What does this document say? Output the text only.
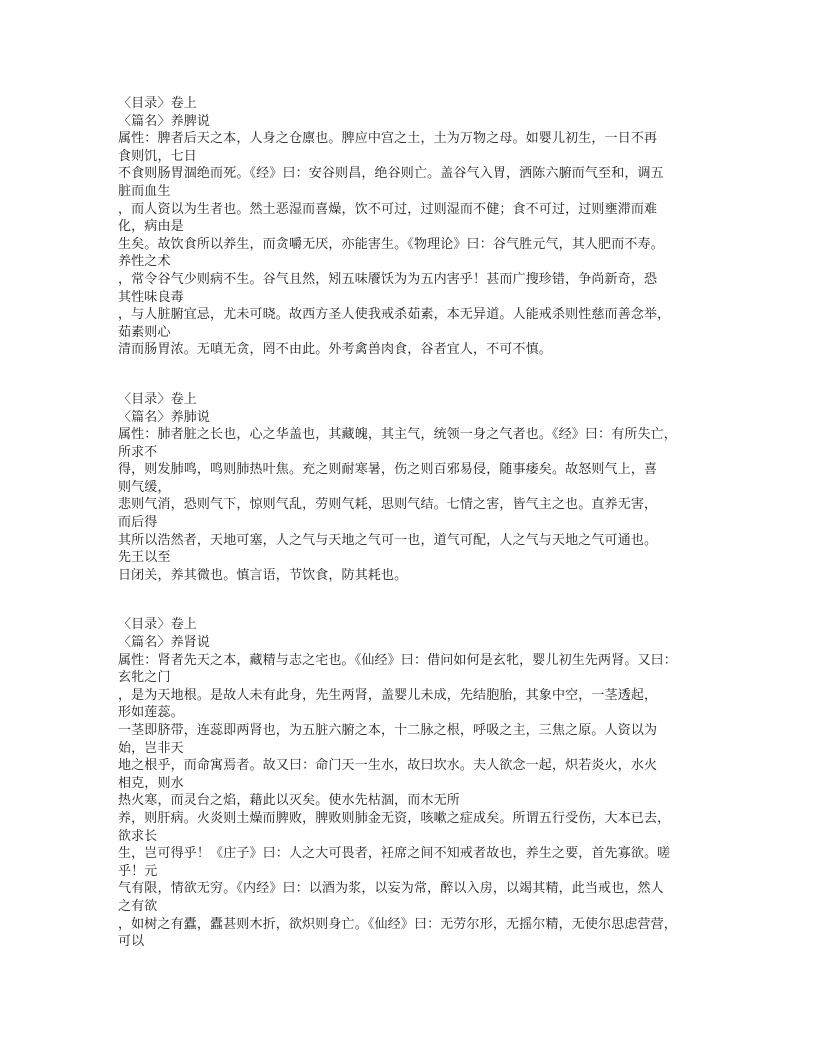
〈目录〉卷上
〈篇名〉养脾说
属性：脾者后天之本，人身之仓廪也。脾应中宫之土，土为万物之母。如婴儿初生，一日不再
食则饥，七日
不食则肠胃涸绝而死。《经》曰：安谷则昌，绝谷则亡。盖谷气入胃，洒陈六腑而气至和，调五
脏而血生
，而人资以为生者也。然土恶湿而喜燥，饮不可过，过则湿而不健；食不可过，过则壅滞而难
化，病由是
生矣。故饮食所以养生，而贪嚼无厌，亦能害生。《物理论》曰：谷气胜元气，其人肥而不寿。
养性之术
，常令谷气少则病不生。谷气且然，矧五味餍饫为为五内害乎！甚而广搜珍错，争尚新奇，恐
其性味良毒
，与人脏腑宜忌，尤未可晓。故西方圣人使我戒杀茹素，本无异道。人能戒杀则性慈而善念举，
茹素则心
清而肠胃浓。无嗔无贪，罔不由此。外考禽兽肉食，谷者宜人，不可不慎。
〈目录〉卷上
〈篇名〉养肺说
属性：肺者脏之长也，心之华盖也，其藏魄，其主气，统领一身之气者也。《经》曰：有所失亡，
所求不
得，则发肺鸣，鸣则肺热叶焦。充之则耐寒暑，伤之则百邪易侵，随事痿矣。故怒则气上，喜
则气缓，
悲则气消，恐则气下，惊则气乱，劳则气耗，思则气结。七情之害，皆气主之也。直养无害，
而后得
其所以浩然者，天地可塞，人之气与天地之气可一也，道气可配，人之气与天地之气可通也。
先王以至
日闭关，养其微也。慎言语，节饮食，防其耗也。
〈目录〉卷上
〈篇名〉养肾说
属性：肾者先天之本，藏精与志之宅也。《仙经》曰：借问如何是玄牝，婴儿初生先两肾。又曰：
玄牝之门
，是为天地根。是故人未有此身，先生两肾，盖婴儿未成，先结胞胎，其象中空，一茎透起，
形如莲蕊。
一茎即脐带，连蕊即两肾也，为五脏六腑之本，十二脉之根，呼吸之主，三焦之原。人资以为
始，岂非天
地之根乎，而命寓焉者。故又曰：命门天一生水，故曰坎水。夫人欲念一起，炽若炎火，水火
相克，则水
热火寒，而灵台之焰，藉此以灭矣。使水先枯涸，而木无所
养，则肝病。火炎则土燥而脾败，脾败则肺金无资，咳嗽之症成矣。所谓五行受伤，大本已去，
欲求长
生，岂可得乎！《庄子》曰：人之大可畏者，衽席之间不知戒者故也，养生之要，首先寡欲。嗟
乎！元
气有限，情欲无穷。《内经》曰：以酒为浆，以妄为常，醉以入房，以竭其精，此当戒也，然人
之有欲
，如树之有蠹，蠹甚则木折，欲炽则身亡。《仙经》曰：无劳尔形，无摇尔精，无使尔思虑营营，
可以
